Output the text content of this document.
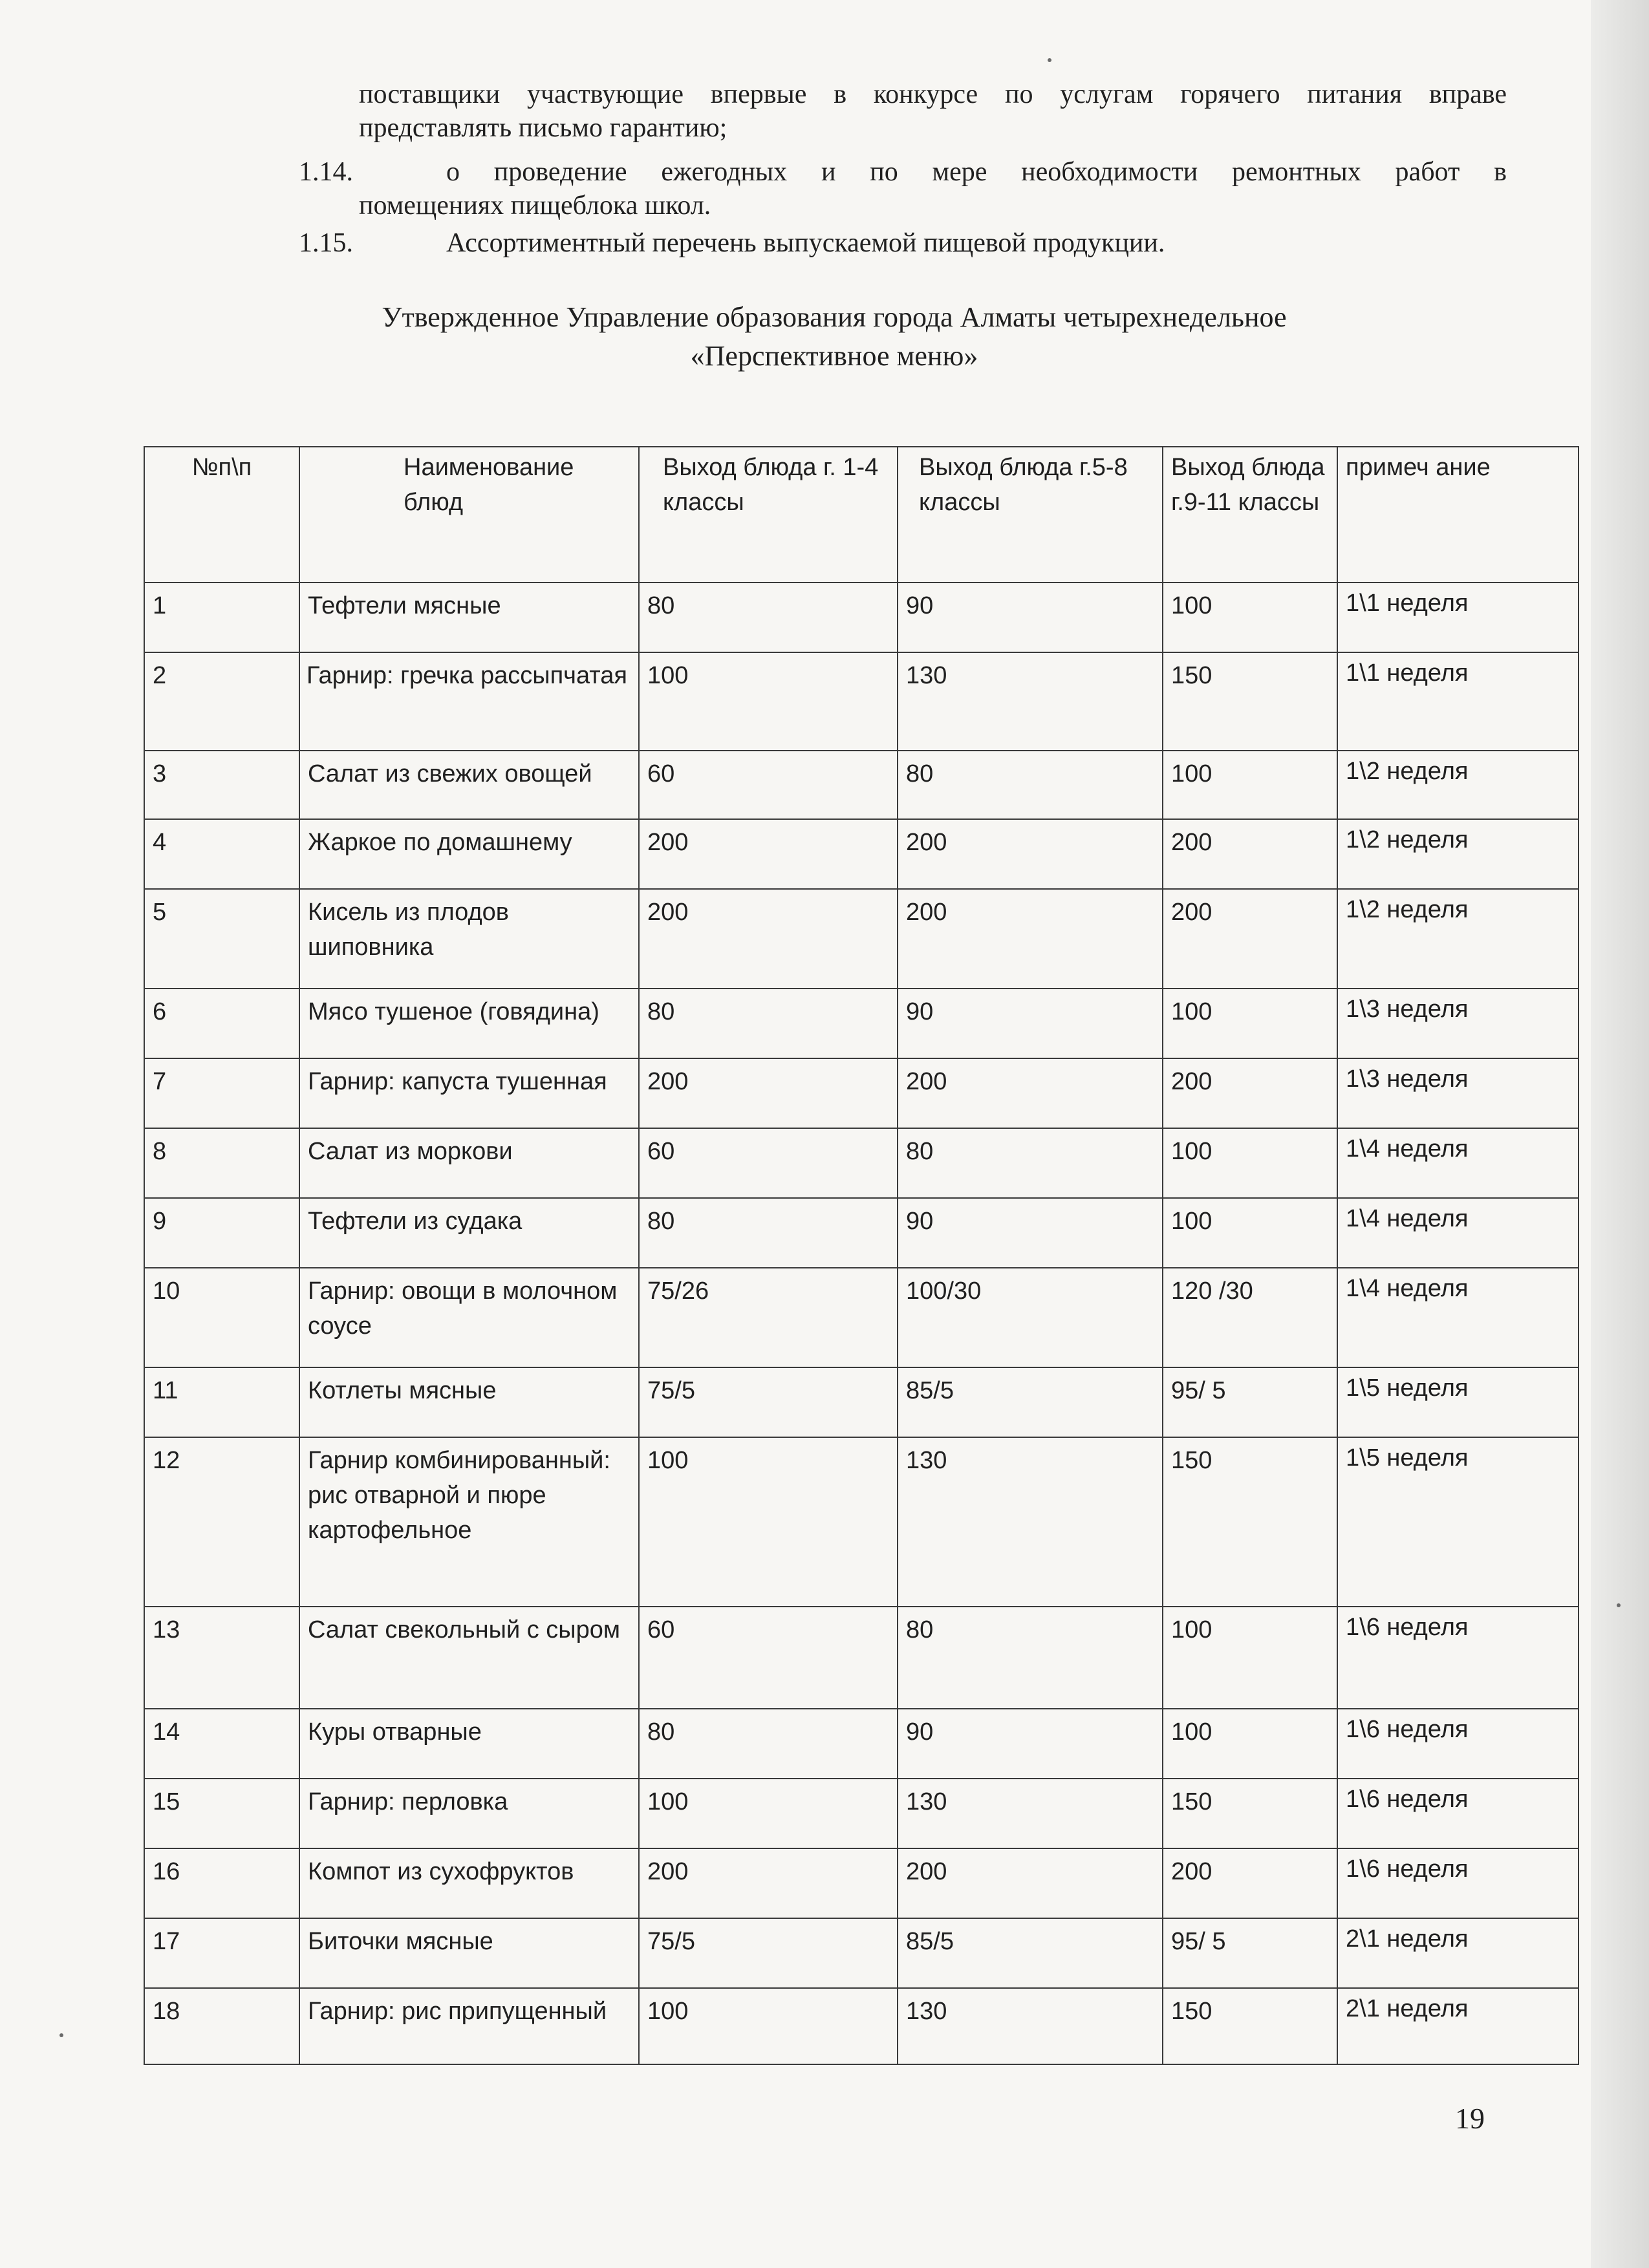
поставщики участвующие впервые в конкурсе по услугам горячего питания вправе
представлять письмо гарантию;
1.14.	о проведение ежегодных и по мере необходимости ремонтных работ в
помещениях пищеблока школ.
1.15.	Ассортиментный перечень выпускаемой пищевой продукции.
Утвержденное Управление образования города Алматы четырехнедельное
«Перспективное меню»
№п\п	Наименование блюд	Выход блюда г. 1-4 классы	Выход блюда г.5-8 классы	Выход блюда г.9-11 классы	примеч ание
1	Тефтели мясные	80	90	100	1\1 неделя
2	Гарнир: гречка рассыпчатая	100	130	150	1\1 неделя
3	Салат из свежих овощей	60	80	100	1\2 неделя
4	Жаркое по домашнему	200	200	200	1\2 неделя
5	Кисель из плодов шиповника	200	200	200	1\2 неделя
6	Мясо тушеное (говядина)	80	90	100	1\3 неделя
7	Гарнир: капуста тушенная	200	200	200	1\3 неделя
8	Салат из моркови	60	80	100	1\4 неделя
9	Тефтели из судака	80	90	100	1\4 неделя
10	Гарнир: овощи в молочном соусе	75/26	100/30	120 /30	1\4 неделя
11	Котлеты мясные	75/5	85/5	95/ 5	1\5 неделя
12	Гарнир комбинированный: рис отварной и пюре картофельное	100	130	150	1\5 неделя
13	Салат свекольный с сыром	60	80	100	1\6 неделя
14	Куры отварные	80	90	100	1\6 неделя
15	Гарнир: перловка	100	130	150	1\6 неделя
16	Компот из сухофруктов	200	200	200	1\6 неделя
17	Биточки мясные	75/5	85/5	95/ 5	2\1 неделя
18	Гарнир: рис припущенный	100	130	150	2\1 неделя
19
